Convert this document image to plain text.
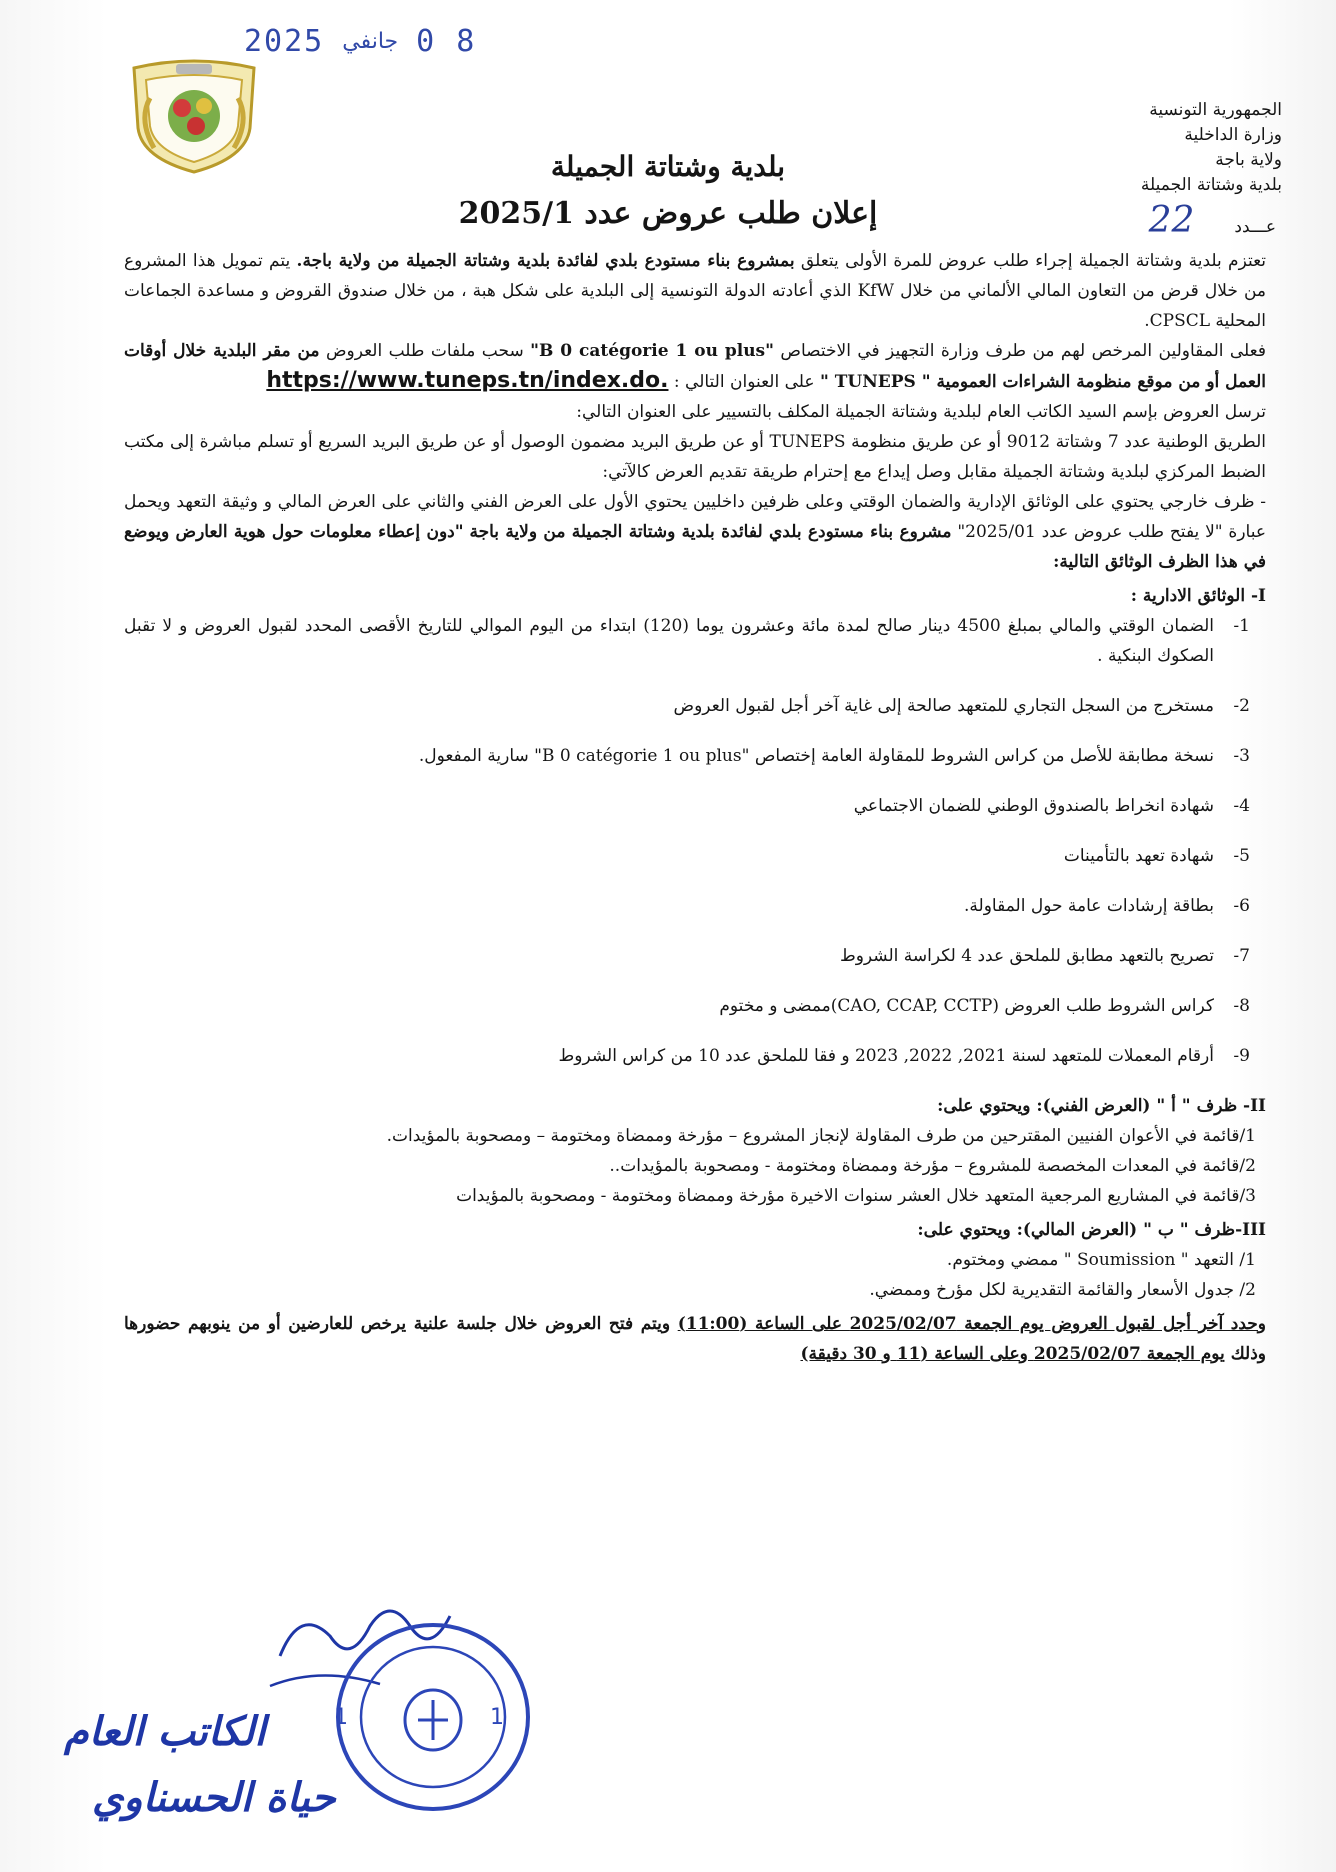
2025 جانفي 0 8
الجمهورية التونسية
وزارة الداخلية
ولاية باجة
بلدية وشتاتة الجميلة
عـــدد
22
بلدية وشتاتة الجميلة
إعلان طلب عروض عدد 2025/1

تعتزم بلدية وشتاتة الجميلة إجراء طلب عروض للمرة الأولى يتعلق بمشروع بناء مستودع بلدي لفائدة بلدية وشتاتة الجميلة من ولاية باجة. يتم تمويل هذا المشروع من خلال قرض من التعاون المالي الألماني من خلال KfW الذي أعادته الدولة التونسية إلى البلدية على شكل هبة ، من خلال صندوق القروض و مساعدة الجماعات المحلية CPSCL.

فعلى المقاولين المرخص لهم من طرف وزارة التجهيز في الاختصاص "B 0 catégorie 1 ou plus" سحب ملفات طلب العروض من مقر البلدية خلال أوقات العمل أو من موقع منظومة الشراءات العمومية " TUNEPS " على العنوان التالي : https://www.tuneps.tn/index.do.

ترسل العروض بإسم السيد الكاتب العام لبلدية وشتاتة الجميلة المكلف بالتسيير على العنوان التالي:

الطريق الوطنية عدد 7 وشتاتة 9012 أو عن طريق منظومة TUNEPS أو عن طريق البريد مضمون الوصول أو عن طريق البريد السريع أو تسلم مباشرة إلى مكتب الضبط المركزي لبلدية وشتاتة الجميلة مقابل وصل إيداع مع إحترام طريقة تقديم العرض كالآتي:

- ظرف خارجي يحتوي على الوثائق الإدارية والضمان الوقتي وعلى ظرفين داخليين يحتوي الأول على العرض الفني والثاني على العرض المالي و وثيقة التعهد ويحمل عبارة "لا يفتح طلب عروض عدد 2025/01" مشروع بناء مستودع بلدي لفائدة بلدية وشتاتة الجميلة من ولاية باجة "دون إعطاء معلومات حول هوية العارض ويوضع في هذا الظرف الوثائق التالية:

I- الوثائق الادارية :

1-
الضمان الوقتي والمالي بمبلغ 4500 دينار صالح لمدة مائة وعشرون يوما (120) ابتداء من اليوم الموالي للتاريخ الأقصى المحدد لقبول العروض و لا تقبل الصكوك البنكية .
2-
مستخرج من السجل التجاري للمتعهد صالحة إلى غاية آخر أجل لقبول العروض
3-
نسخة مطابقة للأصل من كراس الشروط للمقاولة العامة إختصاص "B 0 catégorie 1 ou plus" سارية المفعول.
4-
شهادة انخراط بالصندوق الوطني للضمان الاجتماعي
5-
شهادة تعهد بالتأمينات
6-
بطاقة إرشادات عامة حول المقاولة.
7-
تصريح بالتعهد مطابق للملحق عدد 4 لكراسة الشروط
8-
كراس الشروط طلب العروض (CAO, CCAP, CCTP)ممضى و مختوم
9-
أرقام المعملات للمتعهد لسنة 2021, 2022, 2023 و فقا للملحق عدد 10 من كراس الشروط

II- ظرف " أ " (العرض الفني): ويحتوي على:

1/قائمة في الأعوان الفنيين المقترحين من طرف المقاولة لإنجاز المشروع – مؤرخة وممضاة ومختومة – ومصحوبة بالمؤيدات.

2/قائمة في المعدات المخصصة للمشروع – مؤرخة وممضاة ومختومة - ومصحوبة بالمؤيدات..

3/قائمة في المشاريع المرجعية المتعهد خلال العشر سنوات الاخيرة مؤرخة وممضاة ومختومة - ومصحوبة بالمؤيدات

III-ظرف " ب " (العرض المالي): ويحتوي على:

1/ التعهد " Soumission " ممضي ومختوم.

2/ جدول الأسعار والقائمة التقديرية لكل مؤرخ وممضي.

وحدد آخر أجل لقبول العروض يوم الجمعة 2025/02/07 على الساعة (11:00) ويتم فتح العروض خلال جلسة علنية يرخص للعارضين أو من ينوبهم حضورها وذلك يوم الجمعة 2025/02/07 وعلى الساعة (11 و 30 دقيقة)

1	1
الكاتب العام
حياة الحسناوي
